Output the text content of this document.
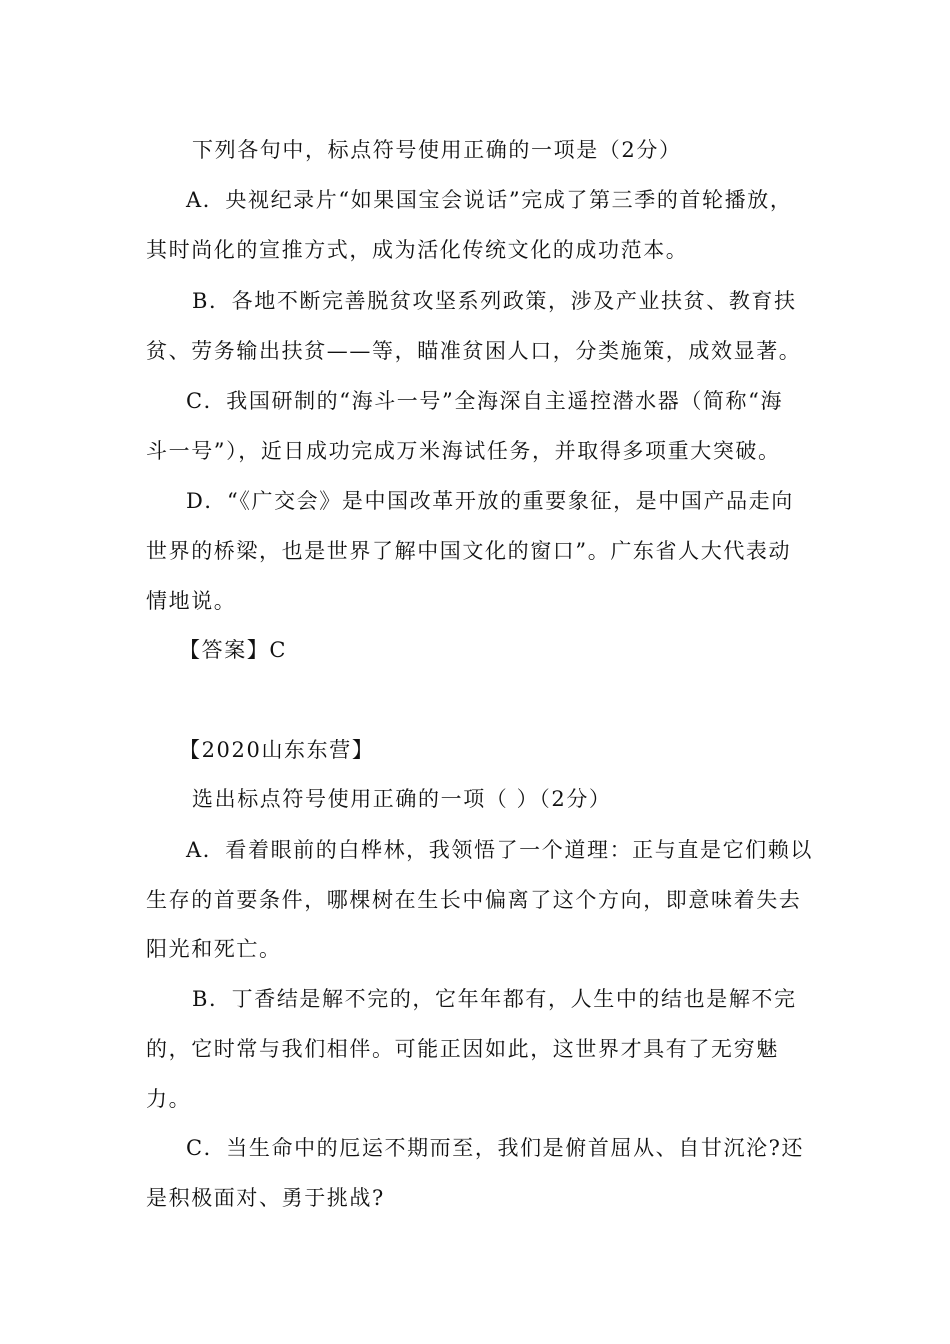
下列各句中，标点符号使用正确的一项是（2分）
A．央视纪录片“如果国宝会说话”完成了第三季的首轮播放，
其时尚化的宣推方式，成为活化传统文化的成功范本。
B．各地不断完善脱贫攻坚系列政策，涉及产业扶贫、教育扶
贫、劳务输出扶贫——等，瞄准贫困人口，分类施策，成效显著。
C．我国研制的“海斗一号”全海深自主遥控潜水器（简称“海
斗一号”），近日成功完成万米海试任务，并取得多项重大突破。
D．“《广交会》是中国改革开放的重要象征，是中国产品走向
世界的桥梁，也是世界了解中国文化的窗口”。广东省人大代表动
情地说。
【答案】C
【2020山东东营】
选出标点符号使用正确的一项（ ）（2分）
A．看着眼前的白桦林，我领悟了一个道理：正与直是它们赖以
生存的首要条件，哪棵树在生长中偏离了这个方向，即意味着失去
阳光和死亡。
B．丁香结是解不完的，它年年都有，人生中的结也是解不完
的，它时常与我们相伴。可能正因如此，这世界才具有了无穷魅
力。
C．当生命中的厄运不期而至，我们是俯首屈从、自甘沉沦?还
是积极面对、勇于挑战?
